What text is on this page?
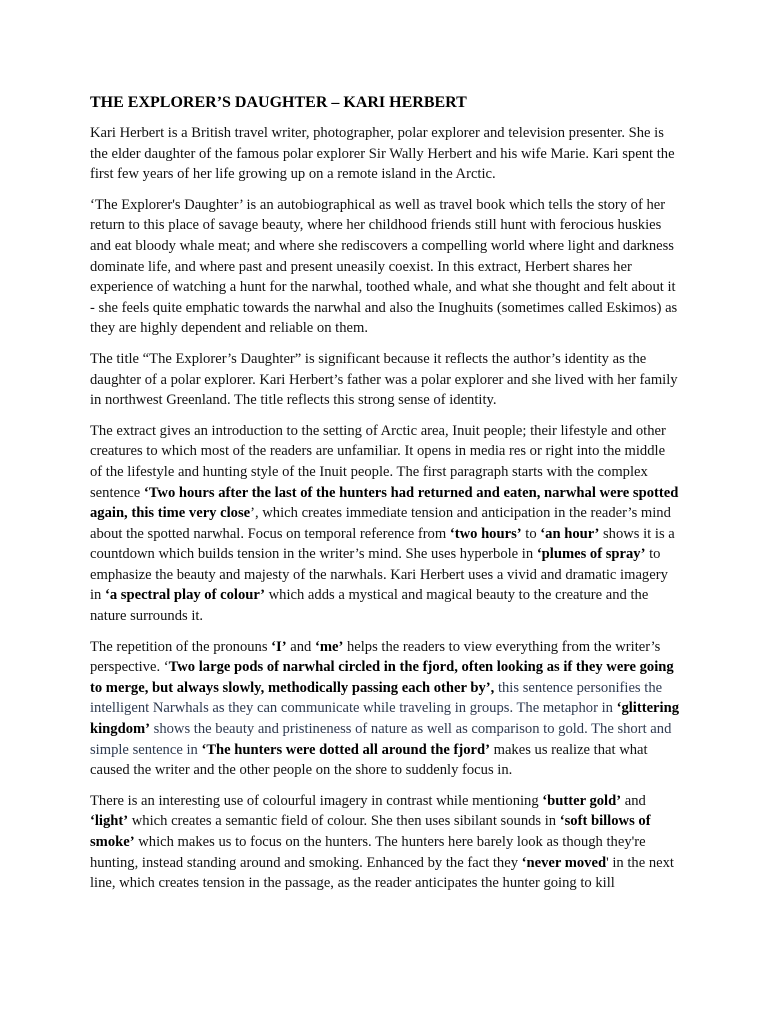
THE EXPLORER’S DAUGHTER – KARI HERBERT

Kari Herbert is a British travel writer, photographer, polar explorer and television presenter. She is the elder daughter of the famous polar explorer Sir Wally Herbert and his wife Marie. Kari spent the first few years of her life growing up on a remote island in the Arctic.

‘The Explorer's Daughter’ is an autobiographical as well as travel book which tells the story of her return to this place of savage beauty, where her childhood friends still hunt with ferocious huskies and eat bloody whale meat; and where she rediscovers a compelling world where light and darkness dominate life, and where past and present uneasily coexist. In this extract, Herbert shares her experience of watching a hunt for the narwhal, toothed whale, and what she thought and felt about it - she feels quite emphatic towards the narwhal and also the Inughuits (sometimes called Eskimos) as they are highly dependent and reliable on them.

The title “The Explorer’s Daughter” is significant because it reflects the author’s identity as the daughter of a polar explorer. Kari Herbert’s father was a polar explorer and she lived with her family in northwest Greenland. The title reflects this strong sense of identity.

The extract gives an introduction to the setting of Arctic area, Inuit people; their lifestyle and other creatures to which most of the readers are unfamiliar. It opens in media res or right into the middle of the lifestyle and hunting style of the Inuit people. The first paragraph starts with the complex sentence ‘Two hours after the last of the hunters had returned and eaten, narwhal were spotted again, this time very close’, which creates immediate tension and anticipation in the reader’s mind about the spotted narwhal. Focus on temporal reference from ‘two hours’ to ‘an hour’ shows it is a countdown which builds tension in the writer’s mind. She uses hyperbole in ‘plumes of spray’ to emphasize the beauty and majesty of the narwhals. Kari Herbert uses a vivid and dramatic imagery in ‘a spectral play of colour’ which adds a mystical and magical beauty to the creature and the nature surrounds it.

The repetition of the pronouns ‘I’ and ‘me’ helps the readers to view everything from the writer’s perspective. ‘Two large pods of narwhal circled in the fjord, often looking as if they were going to merge, but always slowly, methodically passing each other by’, this sentence personifies the intelligent Narwhals as they can communicate while traveling in groups. The metaphor in ‘glittering kingdom’ shows the beauty and pristineness of nature as well as comparison to gold. The short and simple sentence in ‘The hunters were dotted all around the fjord’ makes us realize that what caused the writer and the other people on the shore to suddenly focus in.

There is an interesting use of colourful imagery in contrast while mentioning ‘butter gold’ and ‘light’ which creates a semantic field of colour. She then uses sibilant sounds in ‘soft billows of smoke’ which makes us to focus on the hunters. The hunters here barely look as though they're hunting, instead standing around and smoking. Enhanced by the fact they ‘never moved' in the next line, which creates tension in the passage, as the reader anticipates the hunter going to kill
